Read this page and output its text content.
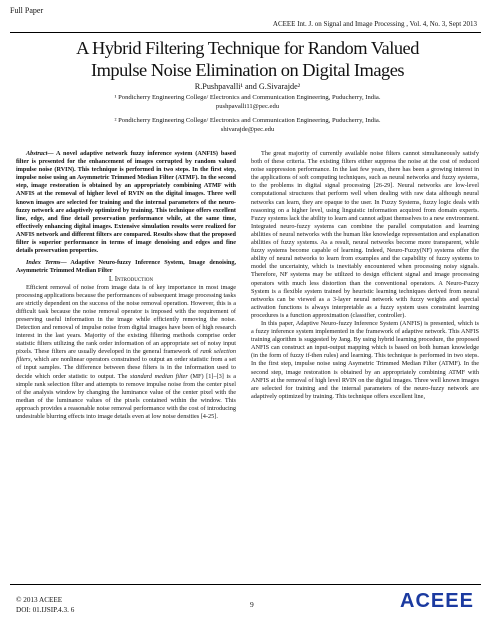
Full Paper
ACEEE Int. J. on Signal and Image Processing , Vol. 4, No. 3, Sept 2013
A Hybrid Filtering Technique for Random Valued
Impulse Noise Elimination on Digital Images
R.Pushpavalli¹ and G.Sivarajde²
¹ Pondicherry Engineering College/ Electronics and Communication Engineering, Puducherry, India.
pushpavalli11@pec.edu
² Pondicherry Engineering College/ Electronics and Communication Engineering, Puducherry, India.
shivarajde@pec.edu

Abstract— A novel adaptive network fuzzy inference system (ANFIS) based filter is presented for the enhancement of images corrupted by random valued impulse noise (RVIN). This technique is performed in two steps. In the first step, impulse noise using an Asymmetric Trimmed Median Filter (ATMF). In the second step, image restoration is obtained by an appropriately combining ATMF with ANFIS at the removal of higher level of RVIN on the digital images. Three well known images are selected for training and the internal parameters of the neuro-fuzzy network are adaptively optimized by training. This technique offers excellent line, edge, and fine detail preservation performance while, at the same time, effectively enhancing digital images. Extensive simulation results were realized for ANFIS network and different filters are compared. Results show that the proposed filter is superior performance in terms of image denoising and edges and fine details preservation properties.

Index Terms— Adaptive Neuro-fuzzy Inference System, Image denoising, Asymmetric Trimmed Median Filter

I. Introduction

Efficient removal of noise from image data is of key importance in most image processing applications because the performances of subsequent image processing tasks are strictly dependent on the success of the noise removal operation. However, this is a difficult task because the noise removal operator is imposed with the requirement of preserving useful information in the image while efficiently removing the noise. Detection and removal of impulse noise from digital images have been of high research interest in the last years. Majority of the existing filtering methods comprise order statistic filters utilizing the rank order information of an appropriate set of noisy input pixels. These filters are usually developed in the general framework of rank selection filters, which are nonlinear operators constrained to output an order statistic from a set of input samples. The difference between these filters is in the information used to decide which order statistic to output. The standard median filter (MF) [1]–[3] is a simple rank selection filter and attempts to remove impulse noise from the center pixel of the analysis window by changing the luminance value of the center pixel with the median of the luminance values of the pixels contained within the window. This approach provides a reasonable noise removal performance with the cost of introducing undesirable blurring effects into image details even at low noise densities [4-25].

The great majority of currently available noise filters cannot simultaneously satisfy both of these criteria. The existing filters either suppress the noise at the cost of reduced noise suppression performance. In the last few years, there has been a growing interest in the applications of soft computing techniques, such as neural networks and fuzzy systems, to the problems in digital signal processing [26-29]. Neural networks are low-level computational structures that perform well when dealing with raw data although neural networks can learn, they are opaque to the user. In Fuzzy Systems, fuzzy logic deals with reasoning on a higher level, using linguistic information acquired from domain experts. Fuzzy systems lack the ability to learn and cannot adjust themselves to a new environment. Integrated neuro-fuzzy systems can combine the parallel computation and learning abilities of neural networks with the human like knowledge representation and explanation abilities of fuzzy systems. As a result, neural networks become more transparent, while fuzzy systems become capable of learning. Indeed, Neuro-Fuzzy(NF) systems offer the ability of neural networks to learn from examples and the capability of fuzzy systems to model the uncertainty, which is inevitably encountered when processing noisy signals. Therefore, NF systems may be utilized to design efficient signal and image processing operators with much less distortion than the conventional operators. A Neuro-Fuzzy System is a flexible system trained by heuristic learning techniques derived from neural networks can be viewed as a 3-layer neural network with fuzzy weights and special activation functions is always interpretable as a fuzzy system uses constraint learning procedures is a function approximation (classifier, controller).

In this paper, Adaptive Neuro-fuzzy Inference System (ANFIS) is presented, which is a fuzzy inference system implemented in the framework of adaptive network. This ANFIS training algorithm is suggested by Jang. By using hybrid learning procedure, the proposed ANFIS can construct an input-output mapping which is based on both human knowledge (in the form of fuzzy if-then rules) and learning. This technique is performed in two steps. In the first step, impulse noise using Asymetric Trimmed Median Filter (ATMF). In the second step, image restoration is obtained by an appropriately combining ATMF with ANFIS at the removal of high level RVIN on the digital images. Three well known images are selected for training and the internal parameters of the neuro-fuzzy network are adaptively optimized by training. This technique offers excellent line,

© 2013 ACEEE
DOI: 01.IJSIP.4.3. 6
9	ACEEE
